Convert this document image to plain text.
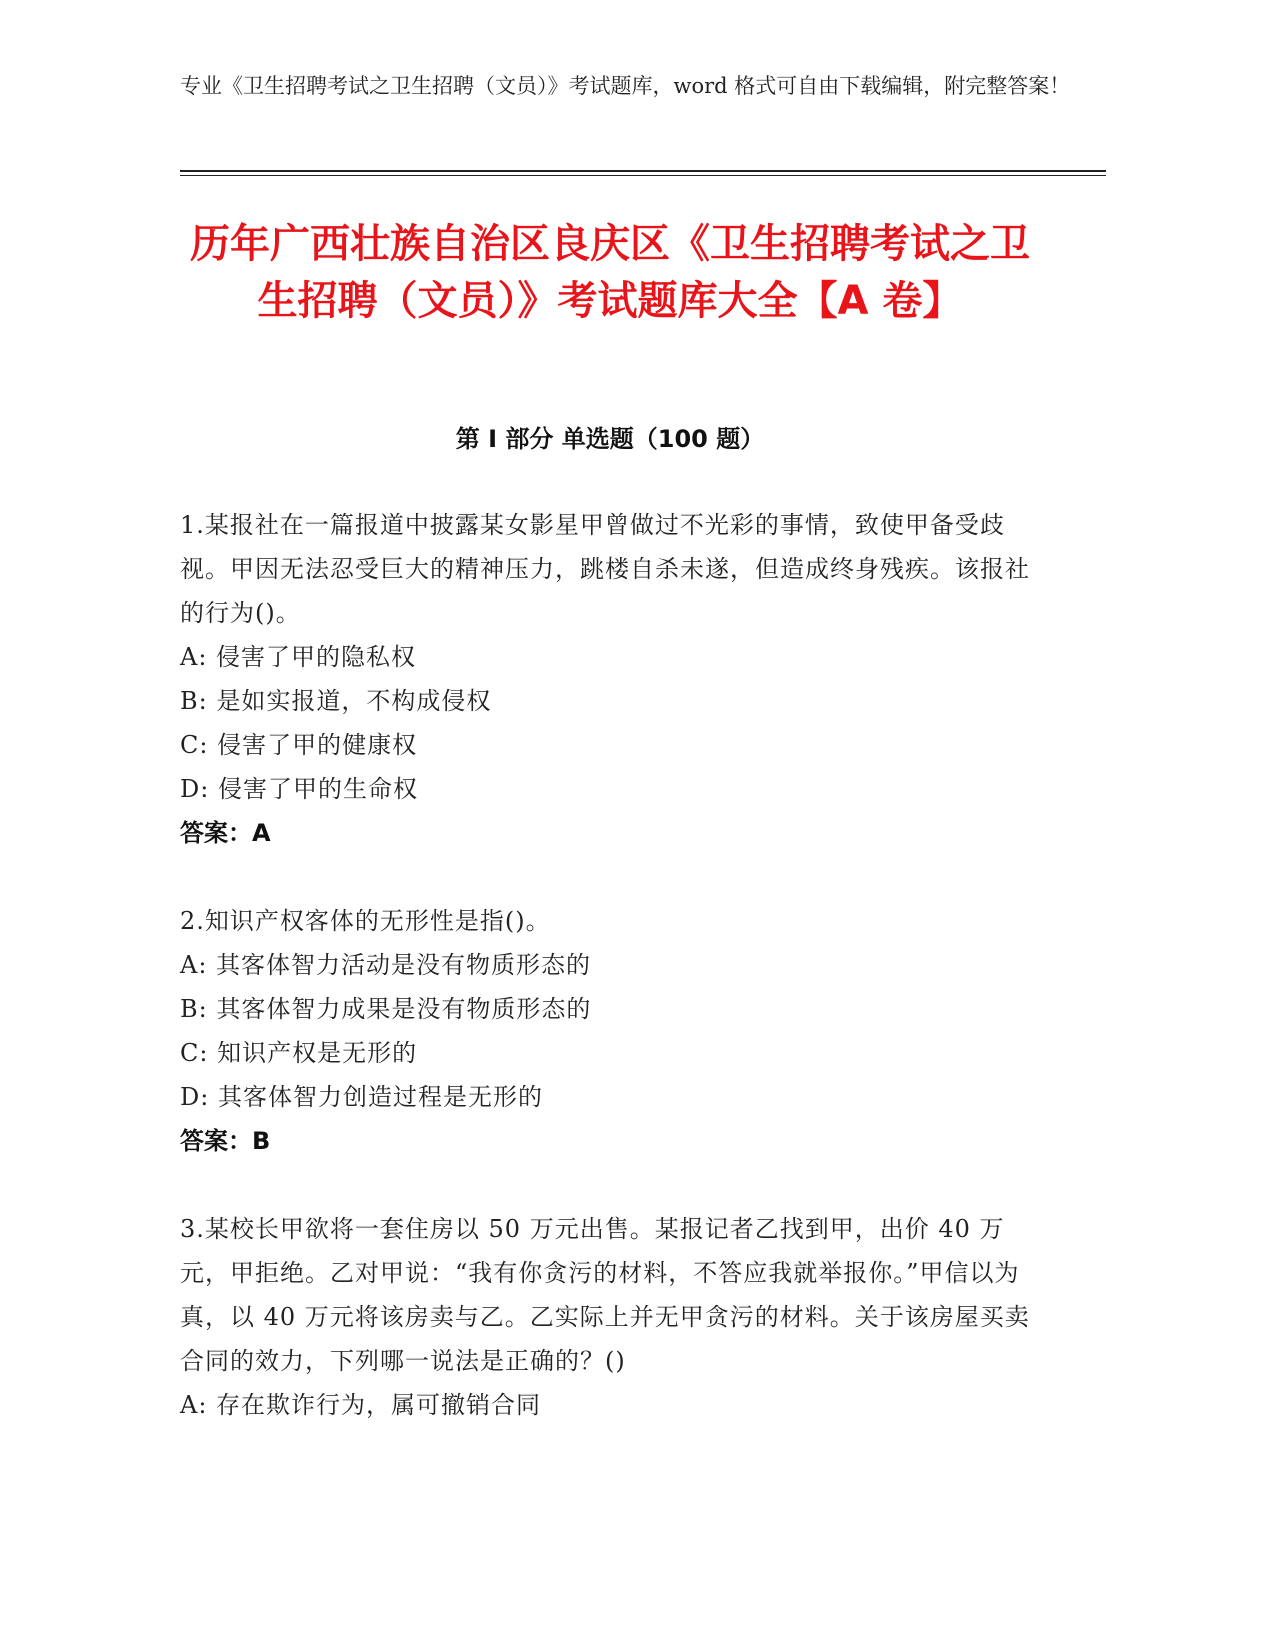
专业《卫生招聘考试之卫生招聘（文员）》考试题库，word 格式可自由下载编辑，附完整答案！
历年广西壮族自治区良庆区《卫生招聘考试之卫生招聘（文员）》考试题库大全【A 卷】
第 I 部分 单选题（100 题）
1.某报社在一篇报道中披露某女影星甲曾做过不光彩的事情，致使甲备受歧视。甲因无法忍受巨大的精神压力，跳楼自杀未遂，但造成终身残疾。该报社的行为()。
A: 侵害了甲的隐私权
B: 是如实报道，不构成侵权
C: 侵害了甲的健康权
D: 侵害了甲的生命权
答案：A
2.知识产权客体的无形性是指()。
A: 其客体智力活动是没有物质形态的
B: 其客体智力成果是没有物质形态的
C: 知识产权是无形的
D: 其客体智力创造过程是无形的
答案：B
3.某校长甲欲将一套住房以 50 万元出售。某报记者乙找到甲，出价 40 万元，甲拒绝。乙对甲说：“我有你贪污的材料，不答应我就举报你。”甲信以为真，以 40 万元将该房卖与乙。乙实际上并无甲贪污的材料。关于该房屋买卖合同的效力，下列哪一说法是正确的？()
A: 存在欺诈行为，属可撤销合同
